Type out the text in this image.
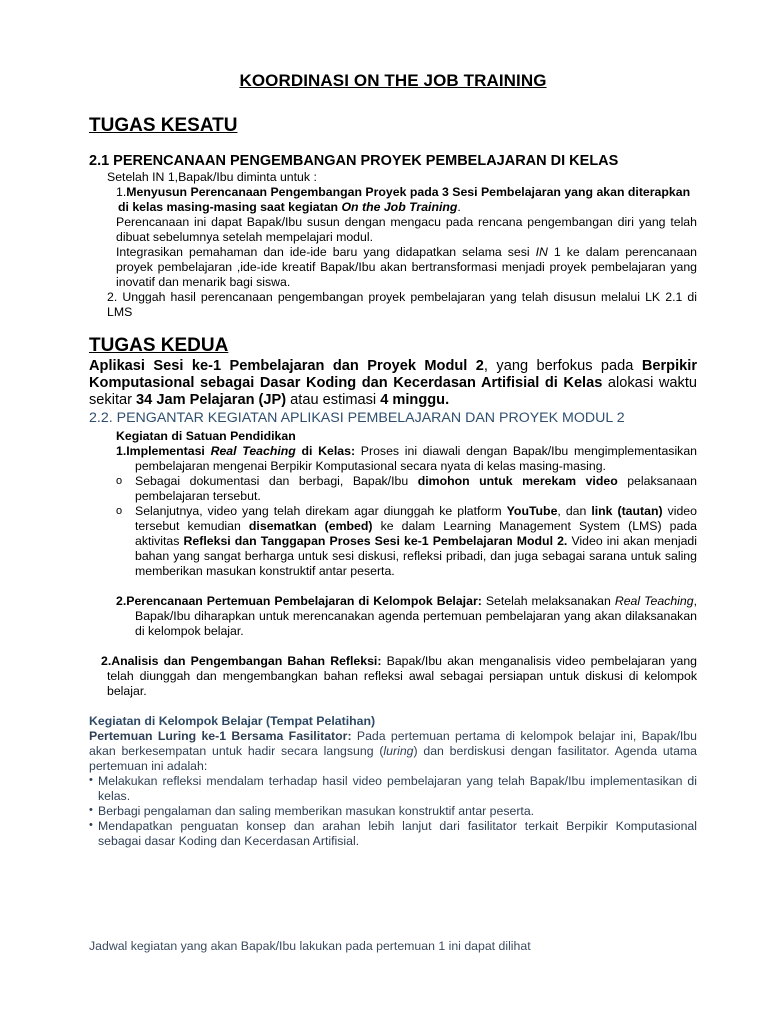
KOORDINASI ON THE JOB TRAINING
TUGAS KESATU
2.1 PERENCANAAN PENGEMBANGAN PROYEK PEMBELAJARAN DI KELAS
Setelah IN 1,Bapak/Ibu diminta untuk :
1.Menyusun Perencanaan Pengembangan Proyek pada 3 Sesi Pembelajaran yang akan diterapkan
di kelas masing-masing saat kegiatan On the Job Training.
Perencanaan ini dapat Bapak/Ibu susun dengan mengacu pada rencana pengembangan diri yang telah
dibuat sebelumnya setelah mempelajari modul.
Integrasikan pemahaman dan ide-ide baru yang didapatkan selama sesi IN 1 ke dalam perencanaan
proyek pembelajaran ,ide-ide kreatif Bapak/Ibu akan bertransformasi menjadi proyek pembelajaran yang
inovatif dan menarik bagi siswa.
2. Unggah hasil perencanaan pengembangan proyek pembelajaran yang telah disusun melalui LK 2.1 di
LMS
TUGAS KEDUA
Aplikasi Sesi ke-1 Pembelajaran dan Proyek Modul 2, yang berfokus pada Berpikir
Komputasional sebagai Dasar Koding dan Kecerdasan Artifisial di Kelas alokasi waktu
sekitar 34 Jam Pelajaran (JP) atau estimasi 4 minggu.
2.2. PENGANTAR KEGIATAN APLIKASI PEMBELAJARAN DAN PROYEK MODUL 2
Kegiatan di Satuan Pendidikan
1.Implementasi Real Teaching di Kelas: Proses ini diawali dengan Bapak/Ibu mengimplementasikan
pembelajaran mengenai Berpikir Komputasional secara nyata di kelas masing-masing.
o Sebagai dokumentasi dan berbagi, Bapak/Ibu dimohon untuk merekam video pelaksanaan
pembelajaran tersebut.
o Selanjutnya, video yang telah direkam agar diunggah ke platform YouTube, dan link (tautan) video
tersebut kemudian disematkan (embed) ke dalam Learning Management System (LMS) pada
aktivitas Refleksi dan Tanggapan Proses Sesi ke-1 Pembelajaran Modul 2. Video ini akan menjadi
bahan yang sangat berharga untuk sesi diskusi, refleksi pribadi, dan juga sebagai sarana untuk saling
memberikan masukan konstruktif antar peserta.
2.Perencanaan Pertemuan Pembelajaran di Kelompok Belajar: Setelah melaksanakan Real Teaching,
Bapak/Ibu diharapkan untuk merencanakan agenda pertemuan pembelajaran yang akan dilaksanakan
di kelompok belajar.
2.Analisis dan Pengembangan Bahan Refleksi: Bapak/Ibu akan menganalisis video pembelajaran yang
telah diunggah dan mengembangkan bahan refleksi awal sebagai persiapan untuk diskusi di kelompok
belajar.
Kegiatan di Kelompok Belajar (Tempat Pelatihan)
Pertemuan Luring ke-1 Bersama Fasilitator: Pada pertemuan pertama di kelompok belajar ini, Bapak/Ibu
akan berkesempatan untuk hadir secara langsung (luring) dan berdiskusi dengan fasilitator. Agenda utama
pertemuan ini adalah:
• Melakukan refleksi mendalam terhadap hasil video pembelajaran yang telah Bapak/Ibu implementasikan di
kelas.
• Berbagi pengalaman dan saling memberikan masukan konstruktif antar peserta.
• Mendapatkan penguatan konsep dan arahan lebih lanjut dari fasilitator terkait Berpikir Komputasional
sebagai dasar Koding dan Kecerdasan Artifisial.
Jadwal kegiatan yang akan Bapak/Ibu lakukan pada pertemuan 1 ini dapat dilihat
